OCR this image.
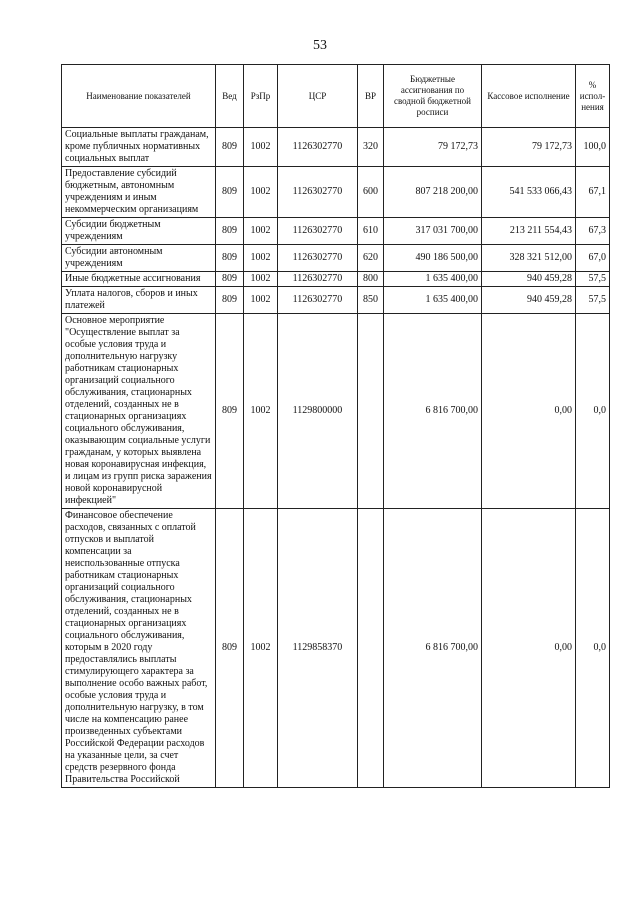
53
Наименование показателей	Вед	РзПр	ЦСР	ВР	Бюджетные ассигнования по сводной бюджетной росписи	Кассовое исполнение	% испол-нения
Социальные выплаты гражданам, кроме публичных нормативных социальных выплат	809	1002	1126302770	320	79 172,73	79 172,73	100,0
Предоставление субсидий бюджетным, автономным учреждениям и иным некоммерческим организациям	809	1002	1126302770	600	807 218 200,00	541 533 066,43	67,1
Субсидии бюджетным учреждениям	809	1002	1126302770	610	317 031 700,00	213 211 554,43	67,3
Субсидии автономным учреждениям	809	1002	1126302770	620	490 186 500,00	328 321 512,00	67,0
Иные бюджетные ассигнования	809	1002	1126302770	800	1 635 400,00	940 459,28	57,5
Уплата налогов, сборов и иных платежей	809	1002	1126302770	850	1 635 400,00	940 459,28	57,5
Основное мероприятие "Осуществление выплат за особые условия труда и дополнительную нагрузку работникам стационарных организаций социального обслуживания, стационарных отделений, созданных не в стационарных организациях социального обслуживания, оказывающим социальные услуги гражданам, у которых выявлена новая коронавирусная инфекция, и лицам из групп риска заражения новой коронавирусной инфекцией"	809	1002	1129800000		6 816 700,00	0,00	0,0
Финансовое обеспечение расходов, связанных с оплатой отпусков и выплатой компенсации за неиспользованные отпуска работникам стационарных организаций социального обслуживания, стационарных отделений, созданных не в стационарных организациях социального обслуживания, которым в 2020 году предоставлялись выплаты стимулирующего характера за выполнение особо важных работ, особые условия труда и дополнительную нагрузку, в том числе на компенсацию ранее произведенных субъектами Российской Федерации расходов на указанные цели, за счет средств резервного фонда Правительства Российской	809	1002	1129858370		6 816 700,00	0,00	0,0
